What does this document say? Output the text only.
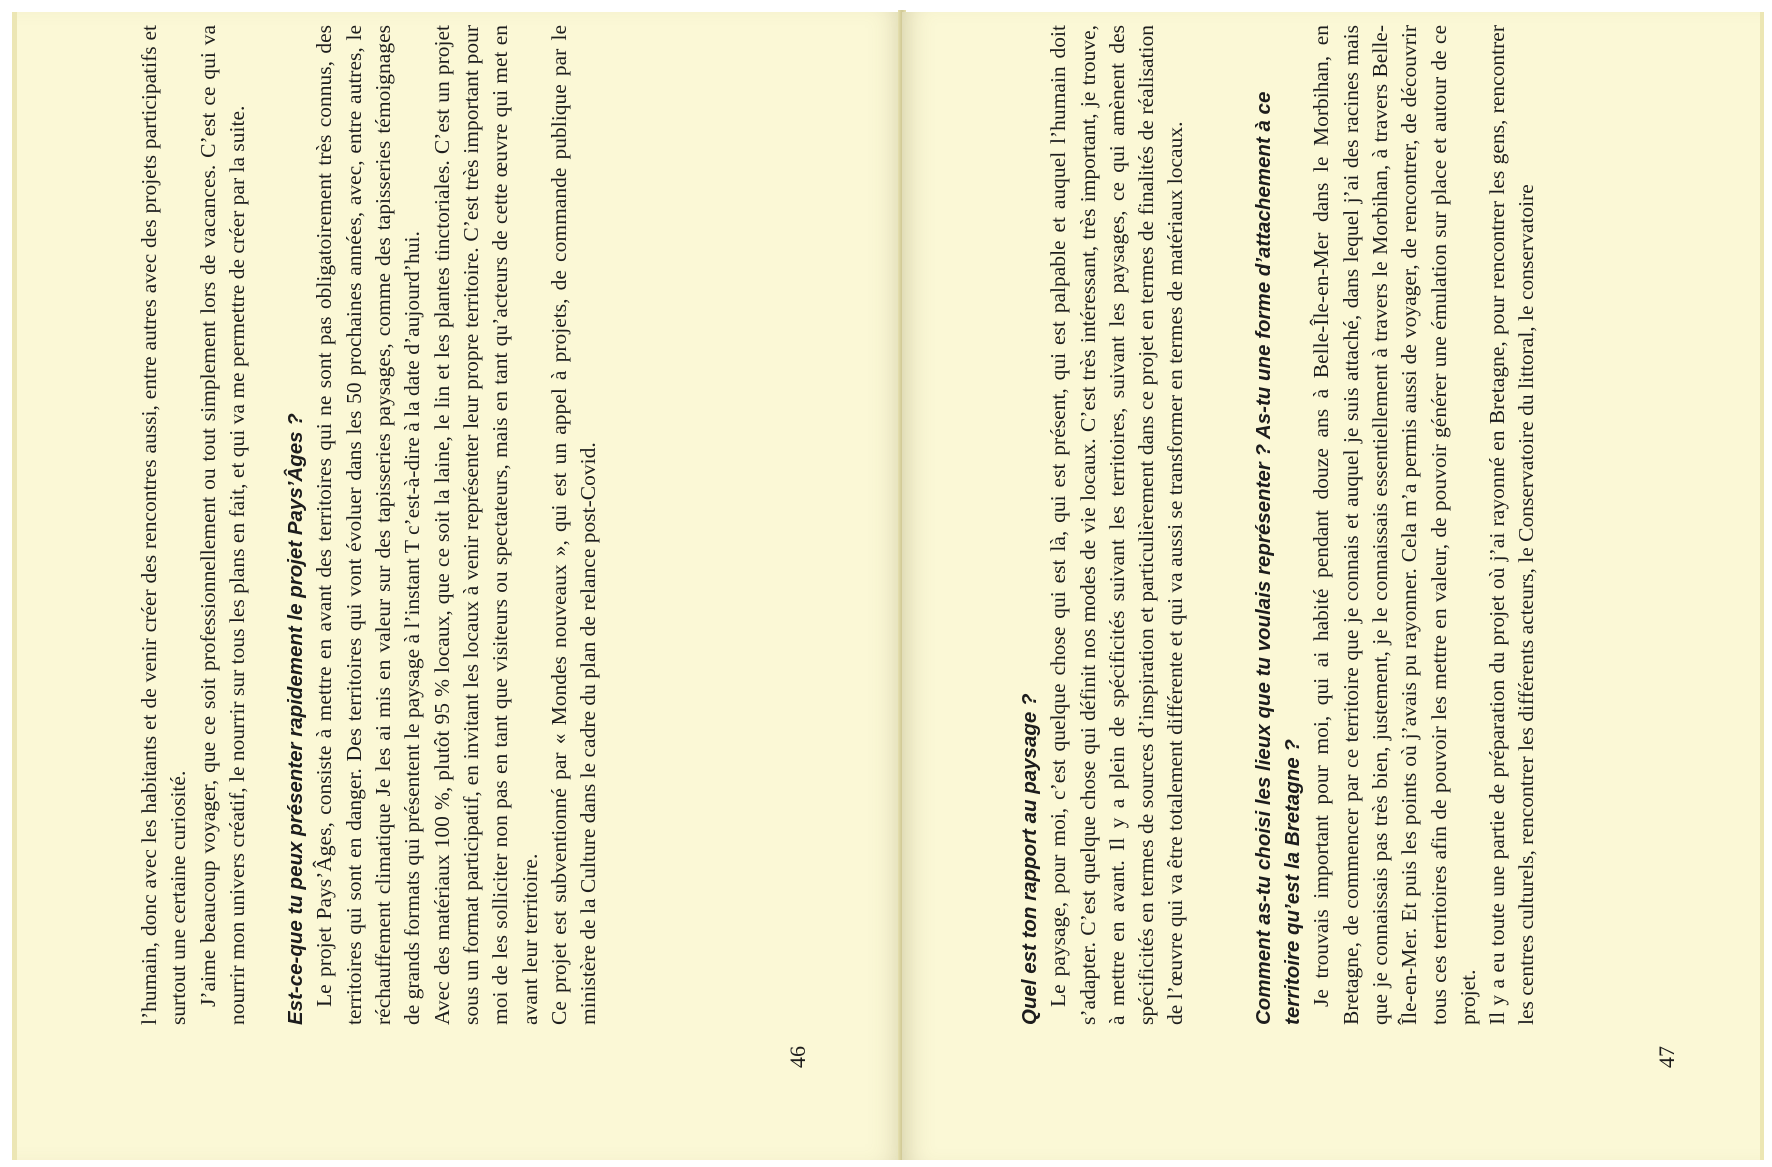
l’humain, donc avec les habitants et de venir créer des rencontres aussi, entre autres avec des projets participatifs et surtout une certaine curiosité. J’aime beaucoup voyager, que ce soit professionnellement ou tout simplement lors de vacances. C’est ce qui va nourrir mon univers créatif, le nourrir sur tous les plans en fait, et qui va me permettre de créer par la suite. Est-ce-que tu peux présenter rapidement le projet Pays’Âges ? Le projet Pays’Âges, consiste à mettre en avant des territoires qui ne sont pas obligatoirement très connus, des territoires qui sont en danger. Des territoires qui vont évoluer dans les 50 prochaines années, avec, entre autres, le réchauffement climatique Je les ai mis en valeur sur des tapisseries paysages, comme des tapisseries témoignages de grands formats qui présentent le paysage à l’instant T c’est-à-dire à la date d’aujourd’hui. Avec des matériaux 100 %, plutôt 95 % locaux, que ce soit la laine, le lin et les plantes tinctoriales. C’est un projet sous un format participatif, en invitant les locaux à venir représenter leur propre territoire. C’est très important pour moi de les solliciter non pas en tant que visiteurs ou spectateurs, mais en tant qu’acteurs de cette œuvre qui met en avant leur territoire. Ce projet est subventionné par « Mondes nouveaux », qui est un appel à projets, de commande publique par le ministère de la Culture dans le cadre du plan de relance post-Covid.

46

Quel est ton rapport au paysage ? Le paysage, pour moi, c’est quelque chose qui est là, qui est présent, qui est palpable et auquel l’humain doit s’adapter. C’est quelque chose qui définit nos modes de vie locaux. C’est très intéressant, très important, je trouve, à mettre en avant. Il y a plein de spécificités suivant les territoires, suivant les paysages, ce qui amènent des spécificités en termes de sources d’inspiration et particulièrement dans ce projet en termes de finalités de réalisation de l’œuvre qui va être totalement différente et qui va aussi se transformer en termes de matériaux locaux.	Comment as-tu choisi les lieux que tu voulais représenter ? As-tu une forme d’attachement à ce territoire qu’est la Bretagne ? Je trouvais important pour moi, qui ai habité pendant douze ans à Belle-Île-en-Mer dans le Morbihan, en Bretagne, de commencer par ce territoire que je connais et auquel je suis attaché, dans lequel j’ai des racines mais que je connaissais pas très bien, justement, je le connaissais essentiellement à travers le Morbihan, à travers Belle-Île-en-Mer. Et puis les points où j’avais pu rayonner. Cela m’a permis aussi de voyager, de rencontrer, de découvrir tous ces territoires afin de pouvoir les mettre en valeur, de pouvoir générer une émulation sur place et autour de ce projet. Il y a eu toute une partie de préparation du projet où j’ai rayonné en Bretagne, pour rencontrer les gens, rencontrer les centres culturels, rencontrer les différents acteurs, le Conservatoire du littoral, le conservatoire

47
